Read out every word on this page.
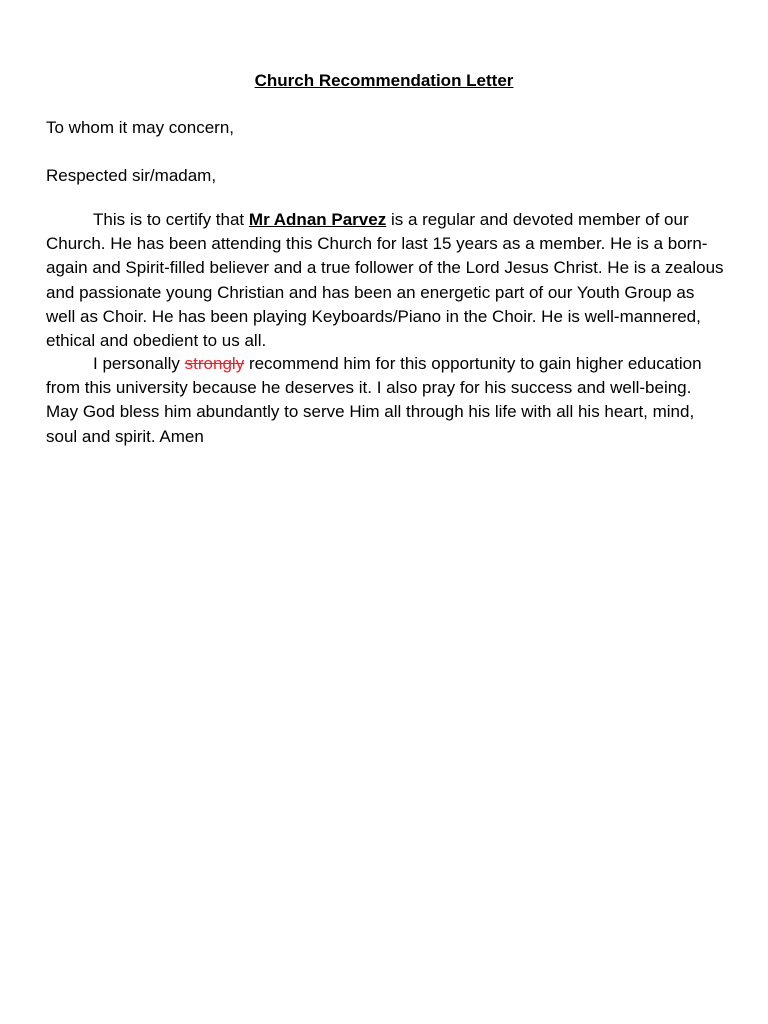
Church Recommendation Letter

To whom it may concern,

Respected sir/madam,

This is to certify that Mr Adnan Parvez is a regular and devoted member of our Church. He has been attending this Church for last 15 years as a member. He is a born-again and Spirit-filled believer and a true follower of the Lord Jesus Christ. He is a zealous and passionate young Christian and has been an energetic part of our Youth Group as well as Choir. He has been playing Keyboards/Piano in the Choir. He is well-mannered, ethical and obedient to us all.

I personally strongly recommend him for this opportunity to gain higher education from this university because he deserves it. I also pray for his success and well-being. May God bless him abundantly to serve Him all through his life with all his heart, mind, soul and spirit. Amen
